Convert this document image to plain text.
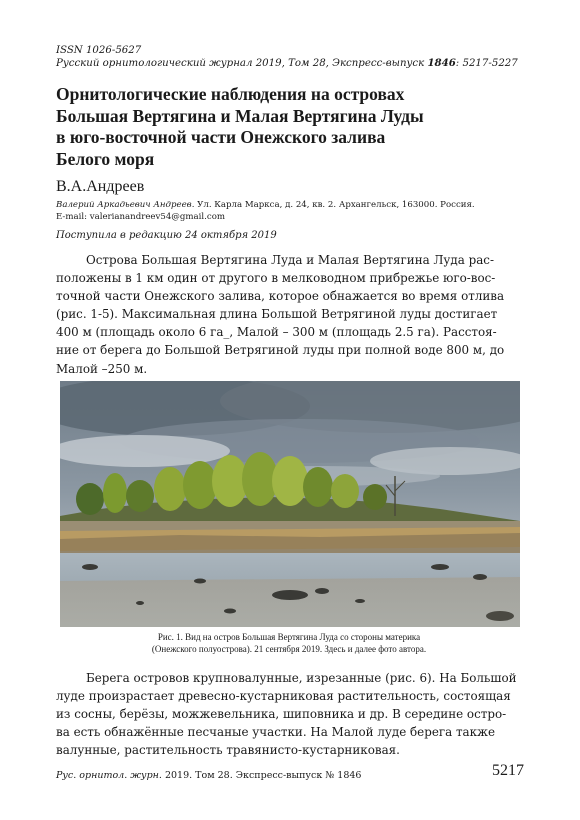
ISSN 1026-5627
Русский орнитологический журнал 2019, Том 28, Экспресс-выпуск 1846: 5217-5227
Орнитологические наблюдения на островах
Большая Вертягина и Малая Вертягина Луды
в юго-восточной части Онежского залива
Белого моря
В.А.Андреев
Валерий Аркадьевич Андреев. Ул. Карла Маркса, д. 24, кв. 2. Архангельск, 163000. Россия.
E-mail: valerianandreev54@gmail.com
Поступила в редакцию 24 октября 2019
Острова Большая Вертягина Луда и Малая Вертягина Луда рас-
положены в 1 км один от другого в мелководном прибрежье юго-вос-
точной части Онежского залива, которое обнажается во время отлива
(рис. 1-5). Максимальная длина Большой Ветрягиной луды достигает
400 м (площадь около 6 га_, Малой – 300 м (площадь 2.5 га). Расстоя-
ние от берега до Большой Ветрягиной луды при полной воде 800 м, до
Малой –250 м.
Рис. 1. Вид на остров Большая Вертягина Луда со стороны материка
(Онежского полуострова). 21 сентября 2019. Здесь и далее фото автора.
Берега островов крупновалунные, изрезанные (рис. 6). На Большой
луде произрастает древесно-кустарниковая растительность, состоящая
из сосны, берёзы, можжевельника, шиповника и др. В середине остро-
ва есть обнажённые песчаные участки. На Малой луде берега также
валунные, растительность травянисто-кустарниковая.
Рус. орнитол. журн. 2019. Том 28. Экспресс-выпуск № 1846	5217
